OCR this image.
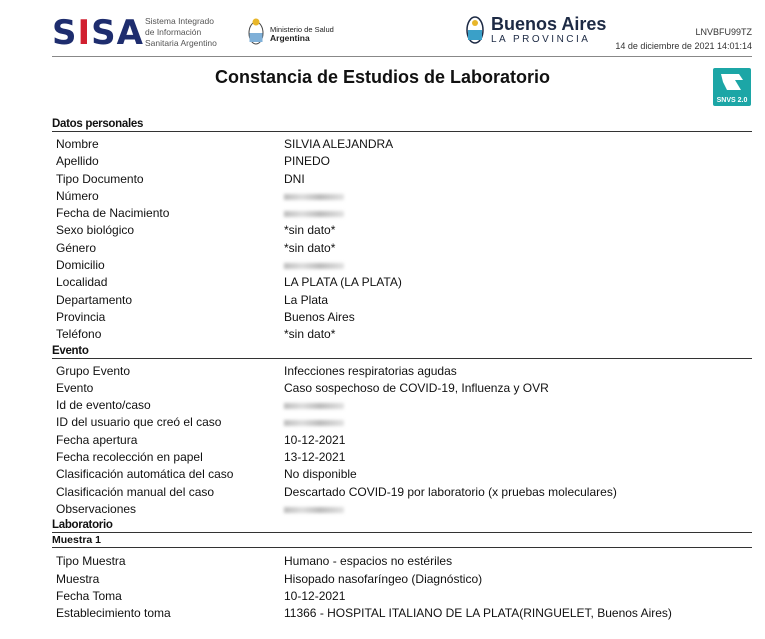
SISA Sistema Integrado
de Información
Sanitaria Argentino
Ministerio de Salud
Argentina
Buenos Aires
LA PROVINCIA
LNVBFU99TZ
14 de diciembre de 2021 14:01:14
Constancia de Estudios de Laboratorio
SNVS 2.0
Datos personales
Nombre	SILVIA ALEJANDRA
Apellido	PINEDO
Tipo Documento	DNI
Número
Fecha de Nacimiento
Sexo biológico	*sin dato*
Género	*sin dato*
Domicilio
Localidad	LA PLATA (LA PLATA)
Departamento	La Plata
Provincia	Buenos Aires
Teléfono	*sin dato*
Evento
Grupo Evento	Infecciones respiratorias agudas
Evento	Caso sospechoso de COVID-19, Influenza y OVR
Id de evento/caso
ID del usuario que creó el caso
Fecha apertura	10-12-2021
Fecha recolección en papel	13-12-2021
Clasificación automática del caso	No disponible
Clasificación manual del caso	Descartado COVID-19 por laboratorio (x pruebas moleculares)
Observaciones
Laboratorio
Muestra 1
Tipo Muestra	Humano - espacios no estériles
Muestra	Hisopado nasofaríngeo (Diagnóstico)
Fecha Toma	10-12-2021
Establecimiento toma	11366 - HOSPITAL ITALIANO DE LA PLATA(RINGUELET, Buenos Aires)
